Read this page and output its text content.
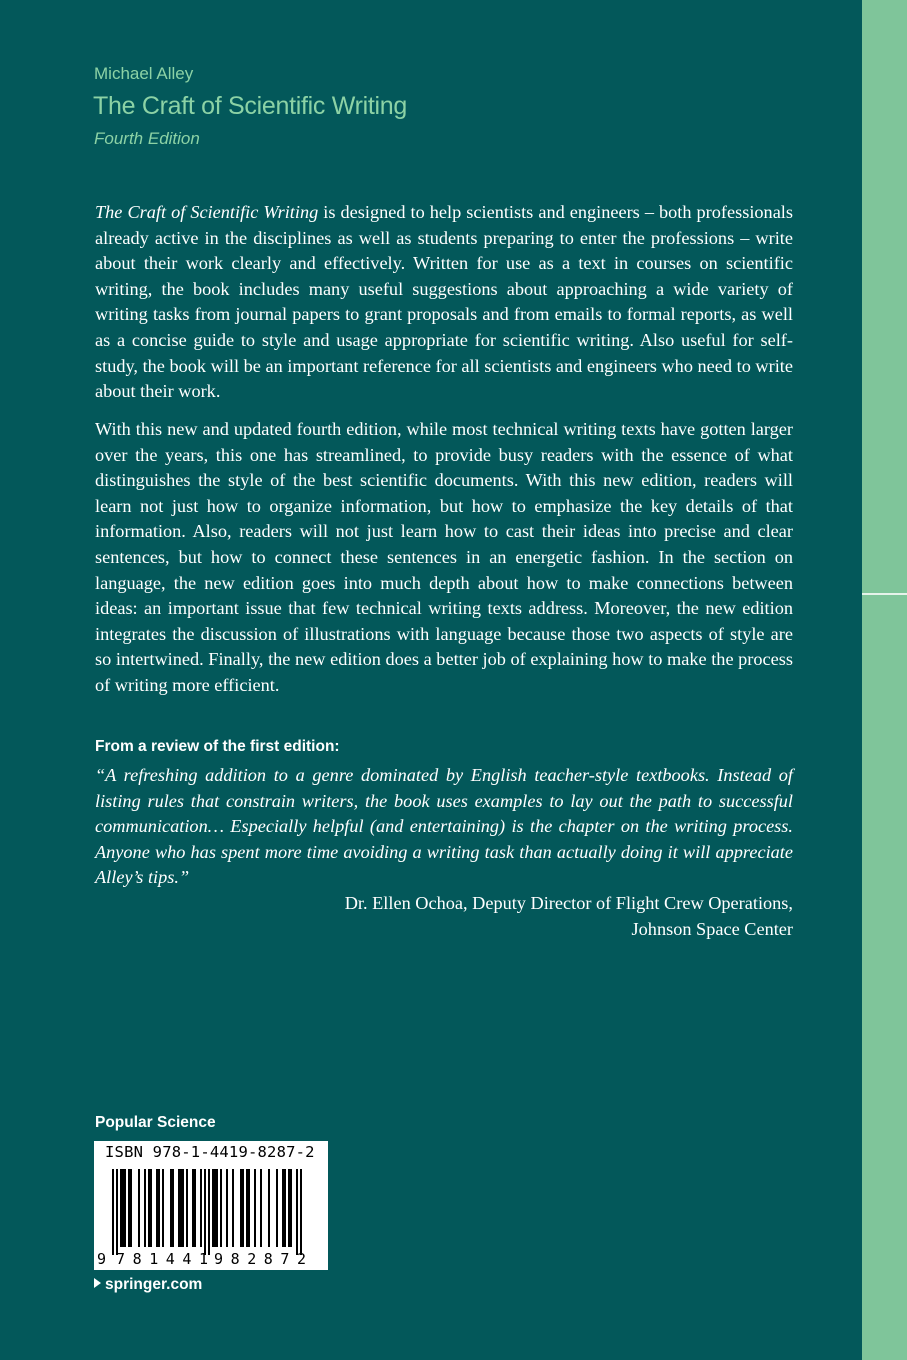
Michael Alley
The Craft of Scientific Writing
Fourth Edition

The Craft of Scientific Writing is designed to help scientists and engineers – both professionals already active in the disciplines as well as students preparing to enter the professions – write about their work clearly and effectively. Written for use as a text in courses on scientific writing, the book includes many useful suggestions about approaching a wide variety of writing tasks from journal papers to grant proposals and from emails to formal reports, as well as a concise guide to style and usage appropriate for scientific writing. Also useful for self-study, the book will be an important reference for all scientists and engineers who need to write about their work.

With this new and updated fourth edition, while most technical writing texts have gotten larger over the years, this one has streamlined, to provide busy readers with the essence of what distinguishes the style of the best scientific documents. With this new edition, readers will learn not just how to organize information, but how to emphasize the key details of that information. Also, readers will not just learn how to cast their ideas into precise and clear sentences, but how to connect these sentences in an energetic fashion. In the section on language, the new edition goes into much depth about how to make connections between ideas: an important issue that few technical writing texts address. Moreover, the new edition integrates the discussion of illustrations with language because those two aspects of style are so intertwined. Finally, the new edition does a better job of explaining how to make the process of writing more efficient.

From a review of the first edition:

“A refreshing addition to a genre dominated by English teacher-style textbooks. Instead of listing rules that constrain writers, the book uses examples to lay out the path to successful communication… Especially helpful (and entertaining) is the chapter on the writing process. Anyone who has spent more time avoiding a writing task than actually doing it will appreciate Alley’s tips.”

Dr. Ellen Ochoa, Deputy Director of Flight Crew Operations,
Johnson Space Center
Popular Science
ISBN 978-1-4419-8287-2
9 781441 982872
springer.com
